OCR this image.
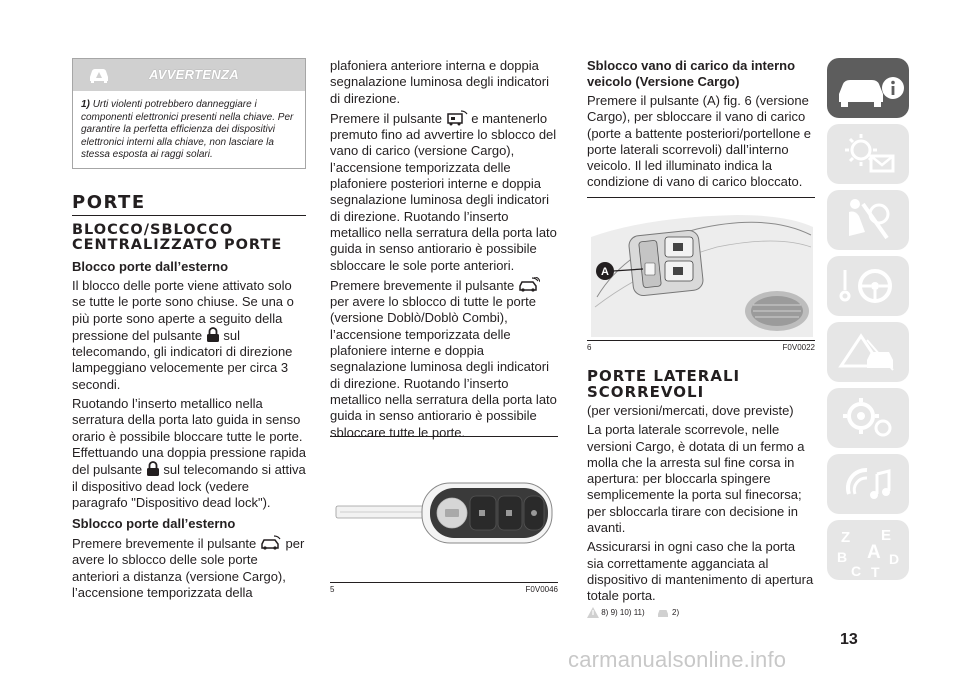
AVVERTENZA
1) Urti violenti potrebbero danneggiare i componenti elettronici presenti nella chiave. Per garantire la perfetta efficienza dei dispositivi elettronici interni alla chiave, non lasciare la stessa esposta ai raggi solari.
PORTE
BLOCCO/SBLOCCO CENTRALIZZATO PORTE
Blocco porte dall’esterno

Il blocco delle porte viene attivato solo se tutte le porte sono chiuse. Se una o più porte sono aperte a seguito della pressione del pulsante sul telecomando, gli indicatori di direzione lampeggiano velocemente per circa 3 secondi.

Ruotando l’inserto metallico nella serratura della porta lato guida in senso orario è possibile bloccare tutte le porte. Effettuando una doppia pressione rapida del pulsante sul telecomando si attiva il dispositivo dead lock (vedere paragrafo "Dispositivo dead lock").

Sblocco porte dall’esterno

Premere brevemente il pulsante per avere lo sblocco delle sole porte anteriori a distanza (versione Cargo), l’accensione temporizzata della

plafoniera anteriore interna e doppia segnalazione luminosa degli indicatori di direzione.

Premere il pulsante e mantenerlo premuto fino ad avvertire lo sblocco del vano di carico (versione Cargo), l’accensione temporizzata delle plafoniere posteriori interne e doppia segnalazione luminosa degli indicatori di direzione. Ruotando l’inserto metallico nella serratura della porta lato guida in senso antiorario è possibile sbloccare le sole porte anteriori.

Premere brevemente il pulsante  per avere lo sblocco di tutte le porte (versione Doblò/Doblò Combi), l’accensione temporizzata delle plafoniere interne e doppia segnalazione luminosa degli indicatori di direzione. Ruotando l’inserto metallico nella serratura della porta lato guida in senso antiorario è possibile sbloccare tutte le porte.

5	F0V0046
Sblocco vano di carico da interno veicolo (Versione Cargo)

Premere il pulsante (A) fig. 6 (versione Cargo), per sbloccare il vano di carico (porte a battente posteriori/portellone e porte laterali scorrevoli) dall’interno veicolo. Il led illuminato indica la condizione di vano di carico bloccato.

A
6	F0V0022
PORTE LATERALI SCORREVOLI

(per versioni/mercati, dove previste)

La porta laterale scorrevole, nelle versioni Cargo, è dotata di un fermo a molla che la arresta sul fine corsa in apertura: per bloccarla spingere semplicemente la porta sul finecorsa; per sbloccarla tirare con decisione in avanti.

Assicurarsi in ogni caso che la porta sia correttamente agganciata al dispositivo di mantenimento di apertura totale porta.

8) 9) 10) 11)	2)
Z E
B A D
C T
13
carmanualsonline.info
